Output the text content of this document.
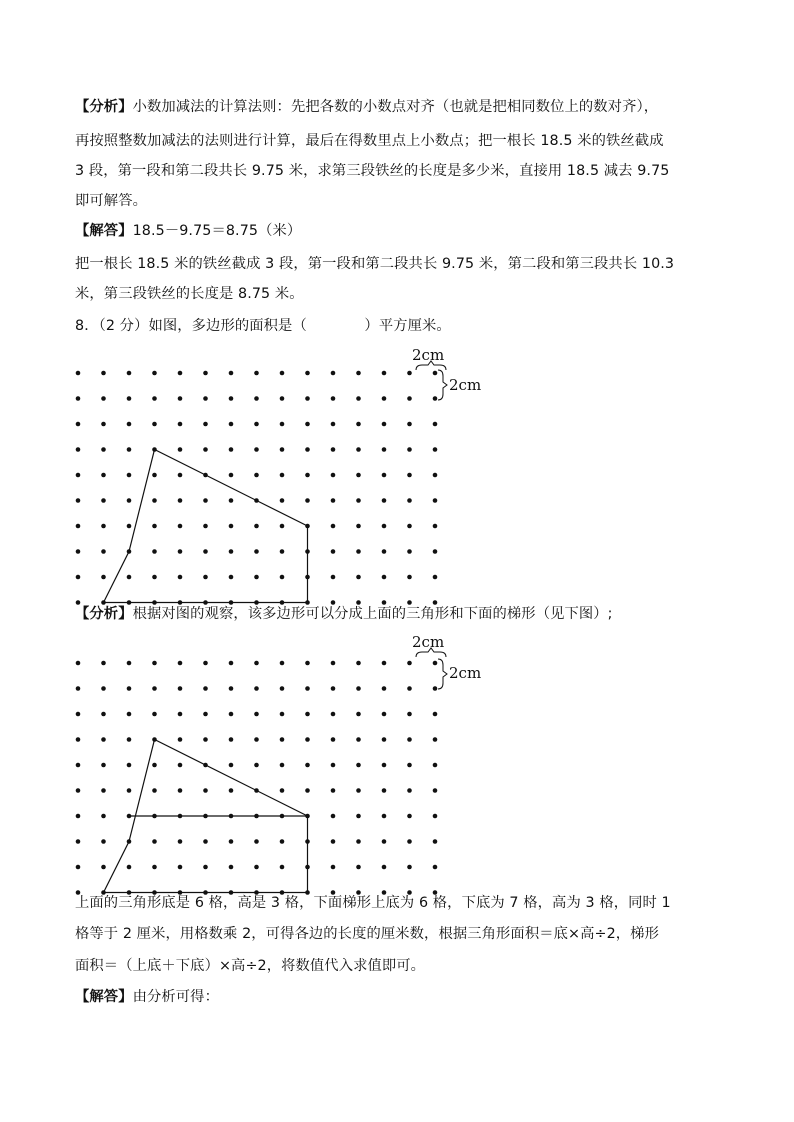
【分析】小数加减法的计算法则：先把各数的小数点对齐（也就是把相同数位上的数对齐），
再按照整数加减法的法则进行计算，最后在得数里点上小数点；把一根长 18.5 米的铁丝截成
3 段，第一段和第二段共长 9.75 米，求第三段铁丝的长度是多少米，直接用 18.5 减去 9.75
即可解答。
【解答】18.5－9.75＝8.75（米）
把一根长 18.5 米的铁丝截成 3 段，第一段和第二段共长 9.75 米，第二段和第三段共长 10.3
米，第三段铁丝的长度是 8.75 米。
8．（2 分）如图，多边形的面积是（　　　　）平方厘米。
2cm
2cm
【分析】根据对图的观察，该多边形可以分成上面的三角形和下面的梯形（见下图）;
2cm
2cm
上面的三角形底是 6 格，高是 3 格，下面梯形上底为 6 格，下底为 7 格，高为 3 格，同时 1
格等于 2 厘米，用格数乘 2，可得各边的长度的厘米数，根据三角形面积＝底×高÷2，梯形
面积＝（上底＋下底）×高÷2，将数值代入求值即可。
【解答】由分析可得：
